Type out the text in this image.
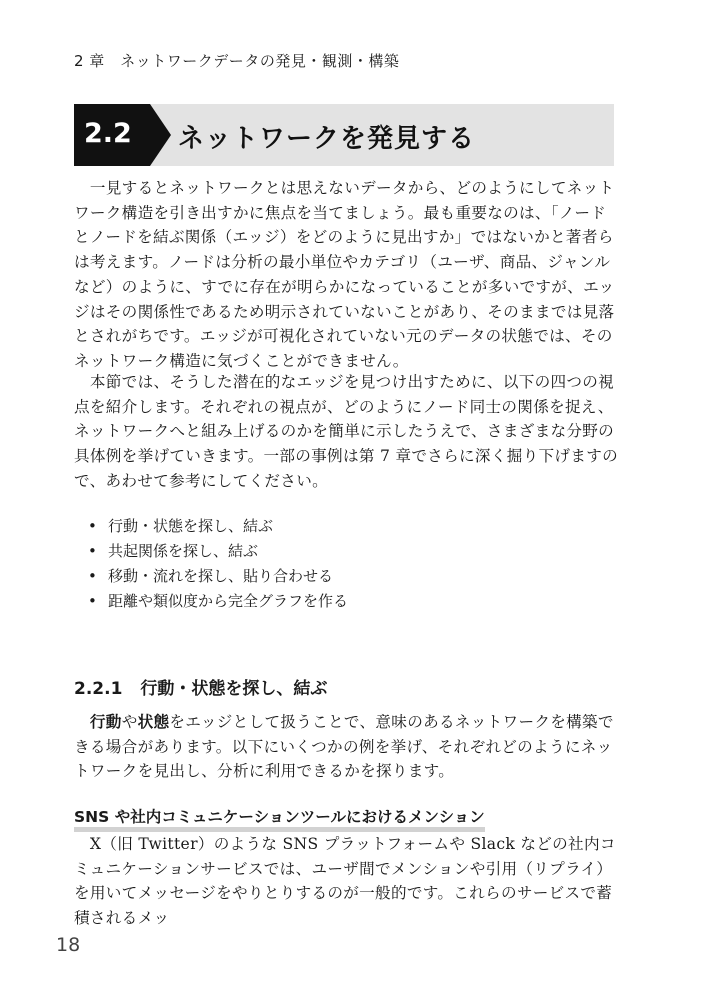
2 章　ネットワークデータの発見・観測・構築
2.2 ネットワークを発見する

　一見するとネットワークとは思えないデータから、どのようにしてネットワーク構造を引き出すかに焦点を当てましょう。最も重要なのは、「ノードとノードを結ぶ関係（エッジ）をどのように見出すか」ではないかと著者らは考えます。ノードは分析の最小単位やカテゴリ（ユーザ、商品、ジャンルなど）のように、すでに存在が明らかになっていることが多いですが、エッジはその関係性であるため明示されていないことがあり、そのままでは見落とされがちです。エッジが可視化されていない元のデータの状態では、そのネットワーク構造に気づくことができません。

　本節では、そうした潜在的なエッジを見つけ出すために、以下の四つの視点を紹介します。それぞれの視点が、どのようにノード同士の関係を捉え、ネットワークへと組み上げるのかを簡単に示したうえで、さまざまな分野の具体例を挙げていきます。一部の事例は第 7 章でさらに深く掘り下げますので、あわせて参考にしてください。

• 行動・状態を探し、結ぶ
• 共起関係を探し、結ぶ
• 移動・流れを探し、貼り合わせる
• 距離や類似度から完全グラフを作る
2.2.1 行動・状態を探し、結ぶ

　行動や状態をエッジとして扱うことで、意味のあるネットワークを構築できる場合があります。以下にいくつかの例を挙げ、それぞれどのようにネットワークを見出し、分析に利用できるかを探ります。

SNS や社内コミュニケーションツールにおけるメンション

　X（旧 Twitter）のような SNS プラットフォームや Slack などの社内コミュニケーションサービスでは、ユーザ間でメンションや引用（リプライ）を用いてメッセージをやりとりするのが一般的です。これらのサービスで蓄積されるメッ

18
